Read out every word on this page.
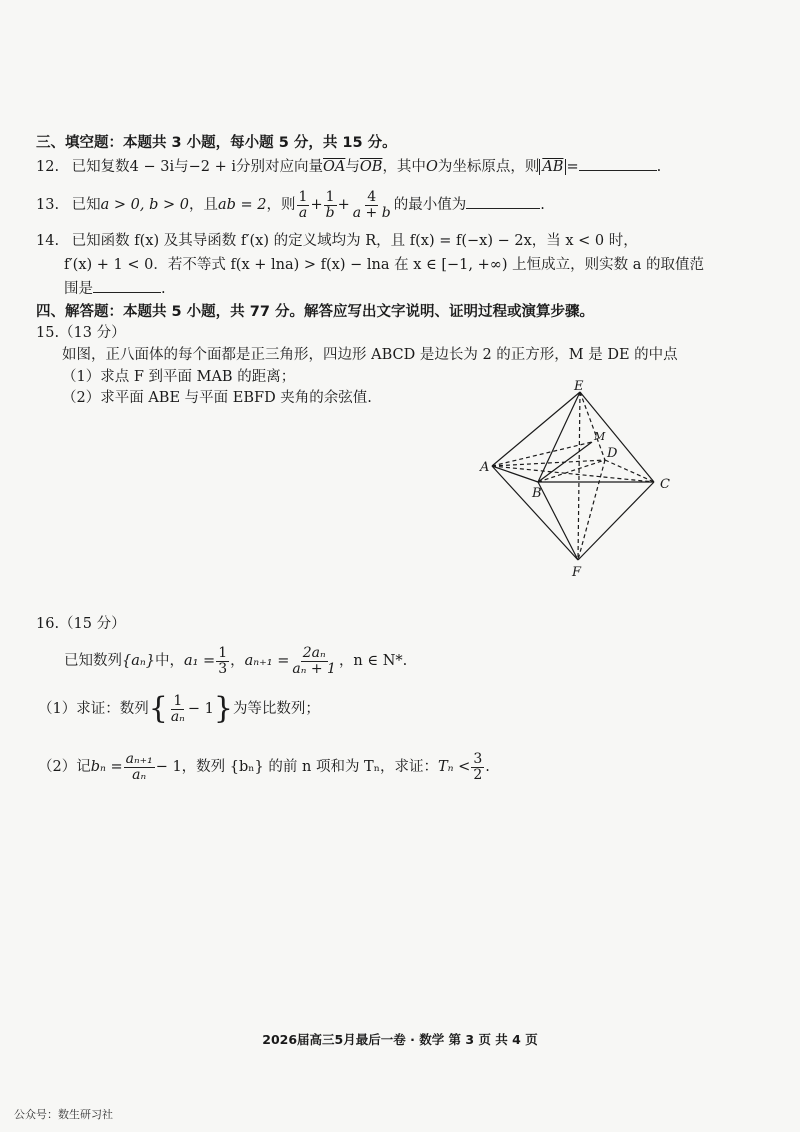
三、填空题：本题共 3 小题，每小题 5 分，共 15 分。
12. 已知复数4 − 3i与−2 + i分别对应向量$\overline{OA}$与$\overline{OB}$，其中O为坐标原点，则 $\overline{AB}$ =	.
13. 已知a > 0, b > 0，且ab = 2，则 $\frac{1}{a} + \frac{1}{b} + \frac{4}{a + b}$ 的最小值为	.
14. 已知函数 f(x) 及其导函数 f′(x) 的定义域均为 R，且 f(x) = f(−x) − 2x，当 x < 0 时，
f′(x) + 1 < 0．若不等式 f(x + lna) > f(x) − lna 在 x ∈ [−1, +∞) 上恒成立，则实数 a 的取值范
围是	.
四、解答题：本题共 5 小题，共 77 分。解答应写出文字说明、证明过程或演算步骤。
15.（13 分）
如图，正八面体的每个面都是正三角形，四边形 ABCD 是边长为 2 的正方形，M 是 DE 的中点
（1）求点 F 到平面 MAB 的距离；
（2）求平面 ABE 与平面 EBFD 夹角的余弦值.
E
A
B
C
D
M
F
16.（15 分）
已知数列{aₙ}中，$a_1 = \frac{1}{3}$ ，$a_{n+1} = \frac{\text{2aₙ}}{\text{aₙ + 1}}$ ，n ∈ N*.
（1）求证：数列{ $\frac{1}{\text{aₙ}} - 1$}为等比数列；
（2）记$b_n = \frac{\text{aₙ₊₁}}{\text{aₙ}} - 1$，数列 {bₙ} 的前 n 项和为 Tₙ，求证：$T_n < \frac{3}{2}$ .
2026届高三5月最后一卷 · 数学 第 3 页 共 4 页
公众号：数生研习社
